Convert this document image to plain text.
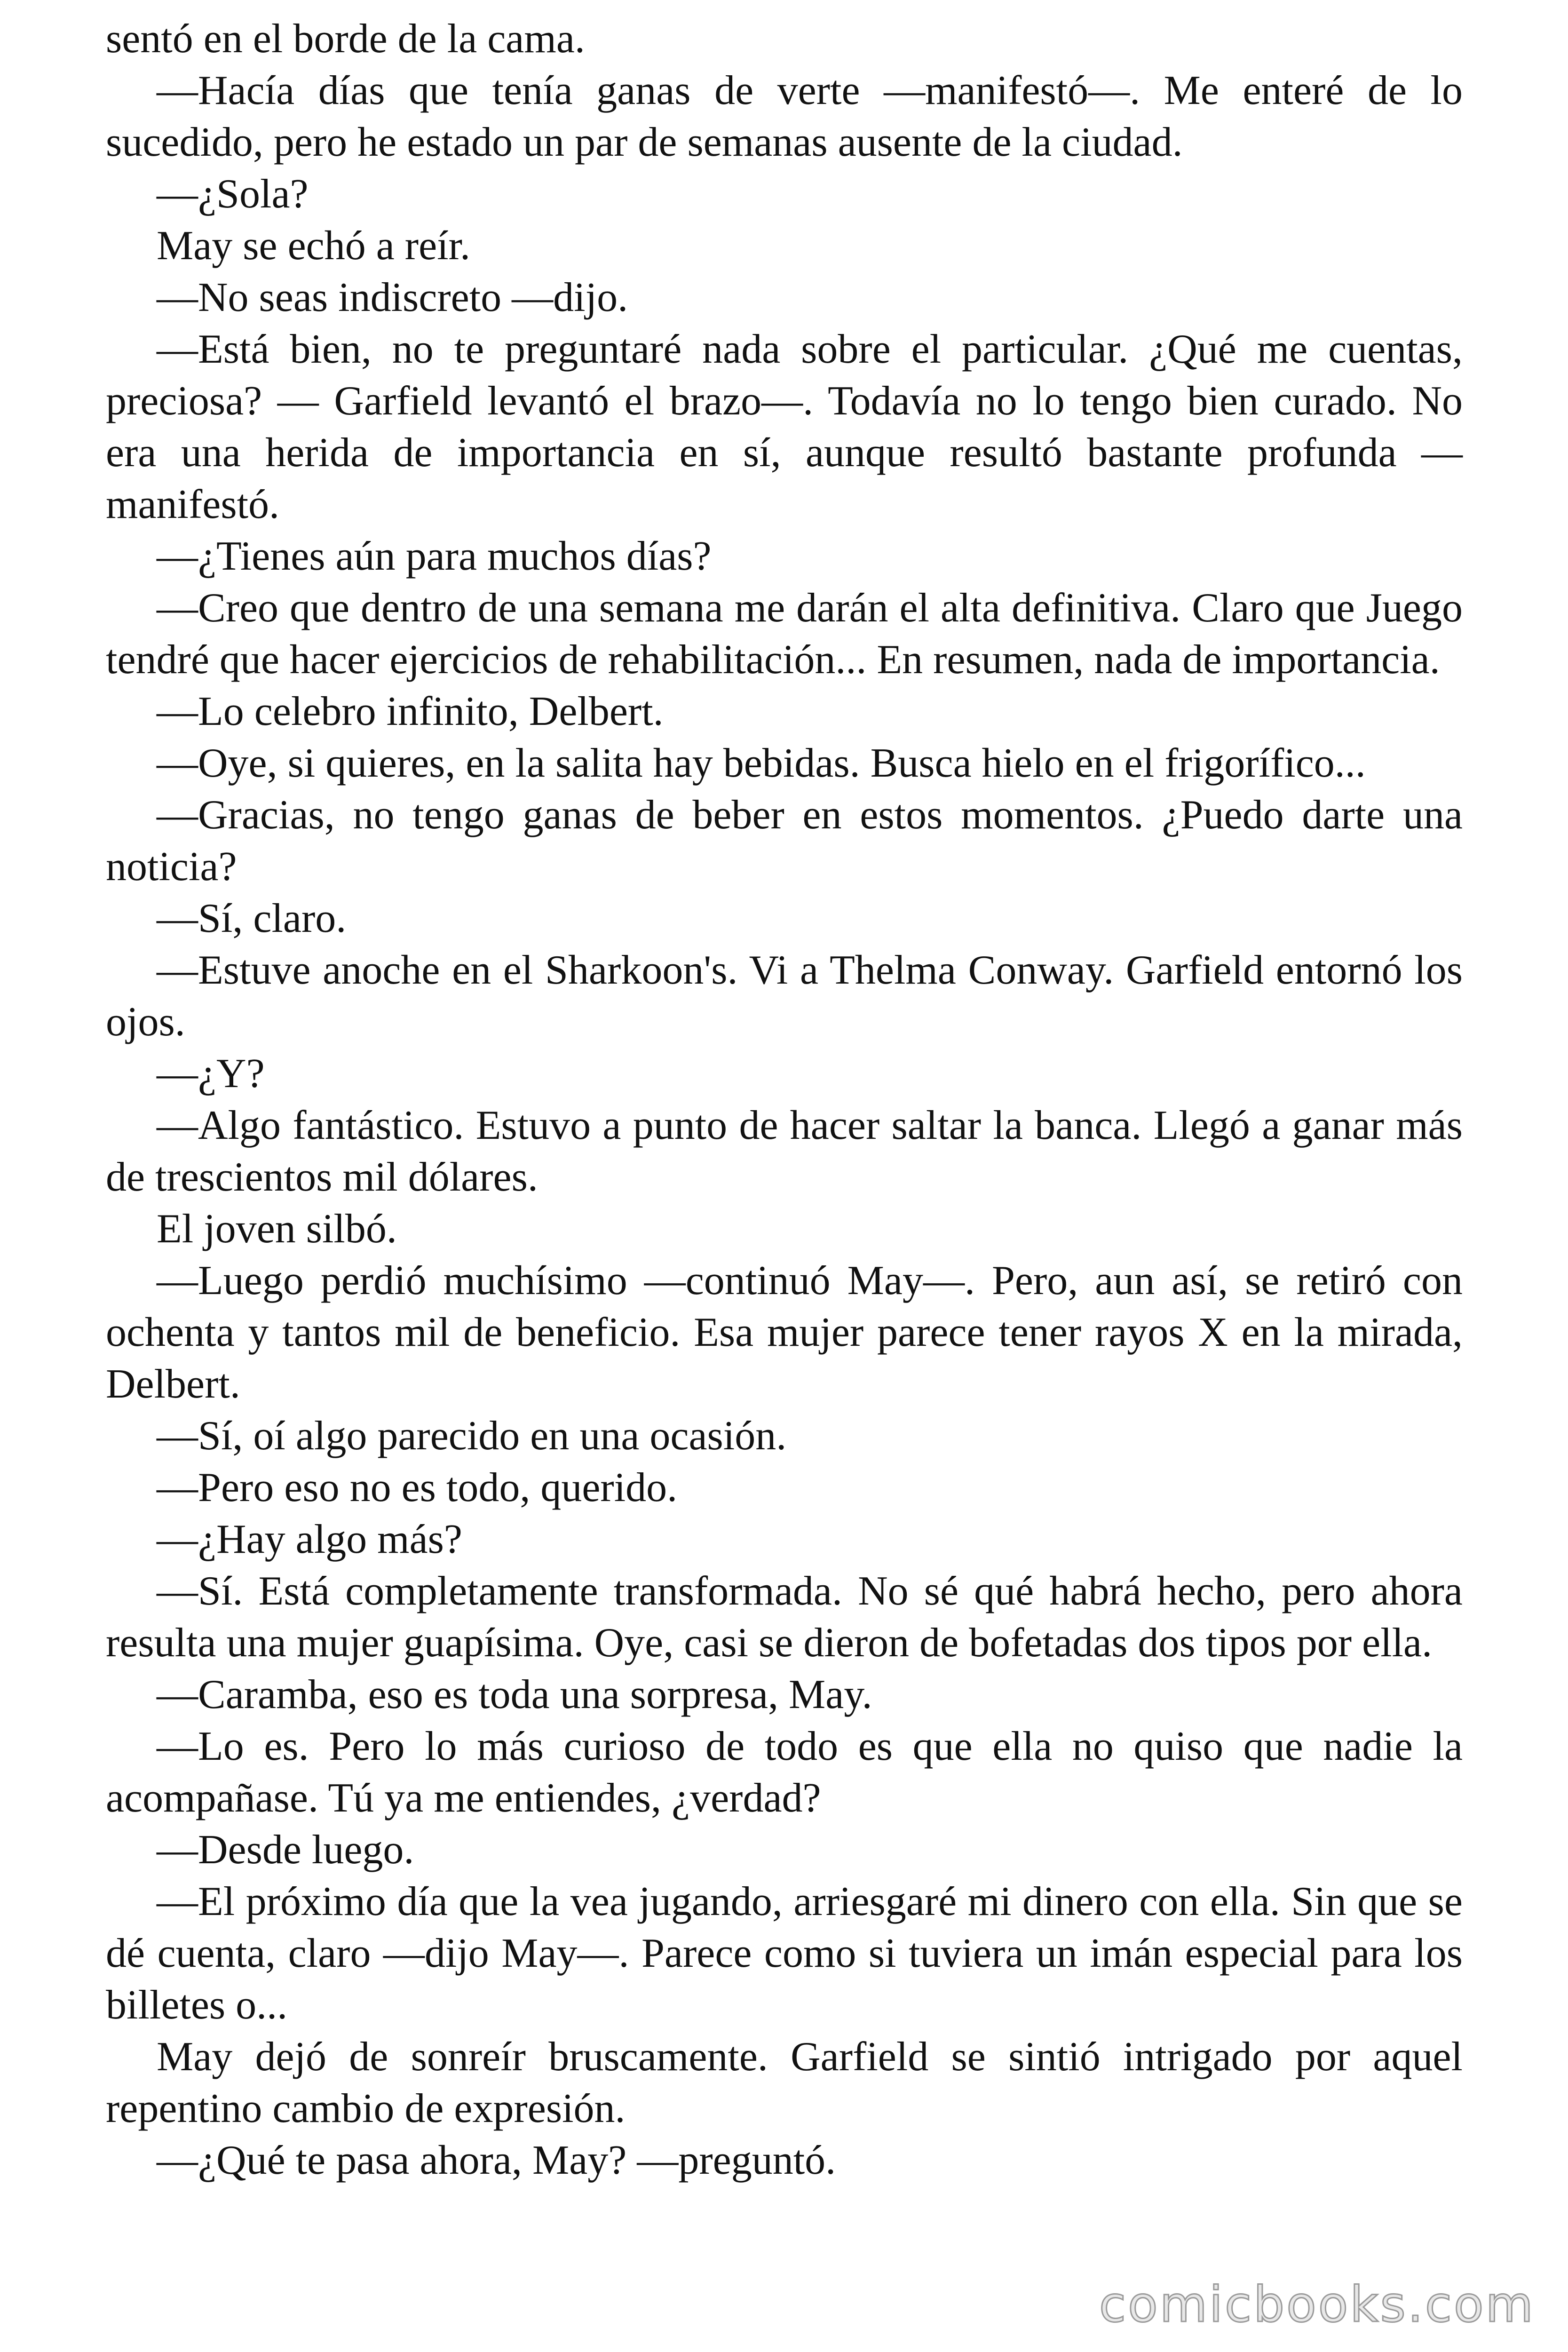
sentó en el borde de la cama.

—Hacía días que tenía ganas de verte —manifestó—. Me enteré de lo sucedido, pero he estado un par de semanas ausente de la ciudad.

—¿Sola?

May se echó a reír.

—No seas indiscreto —dijo.

—Está bien, no te preguntaré nada sobre el particular. ¿Qué me cuentas, preciosa? — Garfield levantó el brazo—. Todavía no lo tengo bien curado. No era una herida de importancia en sí, aunque resultó bastante profunda — manifestó.

—¿Tienes aún para muchos días?

—Creo que dentro de una semana me darán el alta definitiva. Claro que Juego tendré que hacer ejercicios de rehabilitación... En resumen, nada de importancia.

—Lo celebro infinito, Delbert.

—Oye, si quieres, en la salita hay bebidas. Busca hielo en el frigorífico...

—Gracias, no tengo ganas de beber en estos momentos. ¿Puedo darte una noticia?

—Sí, claro.

—Estuve anoche en el Sharkoon's. Vi a Thelma Conway. Garfield entornó los ojos.

—¿Y?

—Algo fantástico. Estuvo a punto de hacer saltar la banca. Llegó a ganar más de trescientos mil dólares.

El joven silbó.

—Luego perdió muchísimo —continuó May—. Pero, aun así, se retiró con ochenta y tantos mil de beneficio. Esa mujer parece tener rayos X en la mirada, Delbert.

—Sí, oí algo parecido en una ocasión.

—Pero eso no es todo, querido.

—¿Hay algo más?

—Sí. Está completamente transformada. No sé qué habrá hecho, pero ahora resulta una mujer guapísima. Oye, casi se dieron de bofetadas dos tipos por ella.

—Caramba, eso es toda una sorpresa, May.

—Lo es. Pero lo más curioso de todo es que ella no quiso que nadie la acompañase. Tú ya me entiendes, ¿verdad?

—Desde luego.

—El próximo día que la vea jugando, arriesgaré mi dinero con ella. Sin que se dé cuenta, claro —dijo May—. Parece como si tuviera un imán especial para los billetes o...

May dejó de sonreír bruscamente. Garfield se sintió intrigado por aquel repentino cambio de expresión.

—¿Qué te pasa ahora, May? —preguntó.

comicbooks.com
